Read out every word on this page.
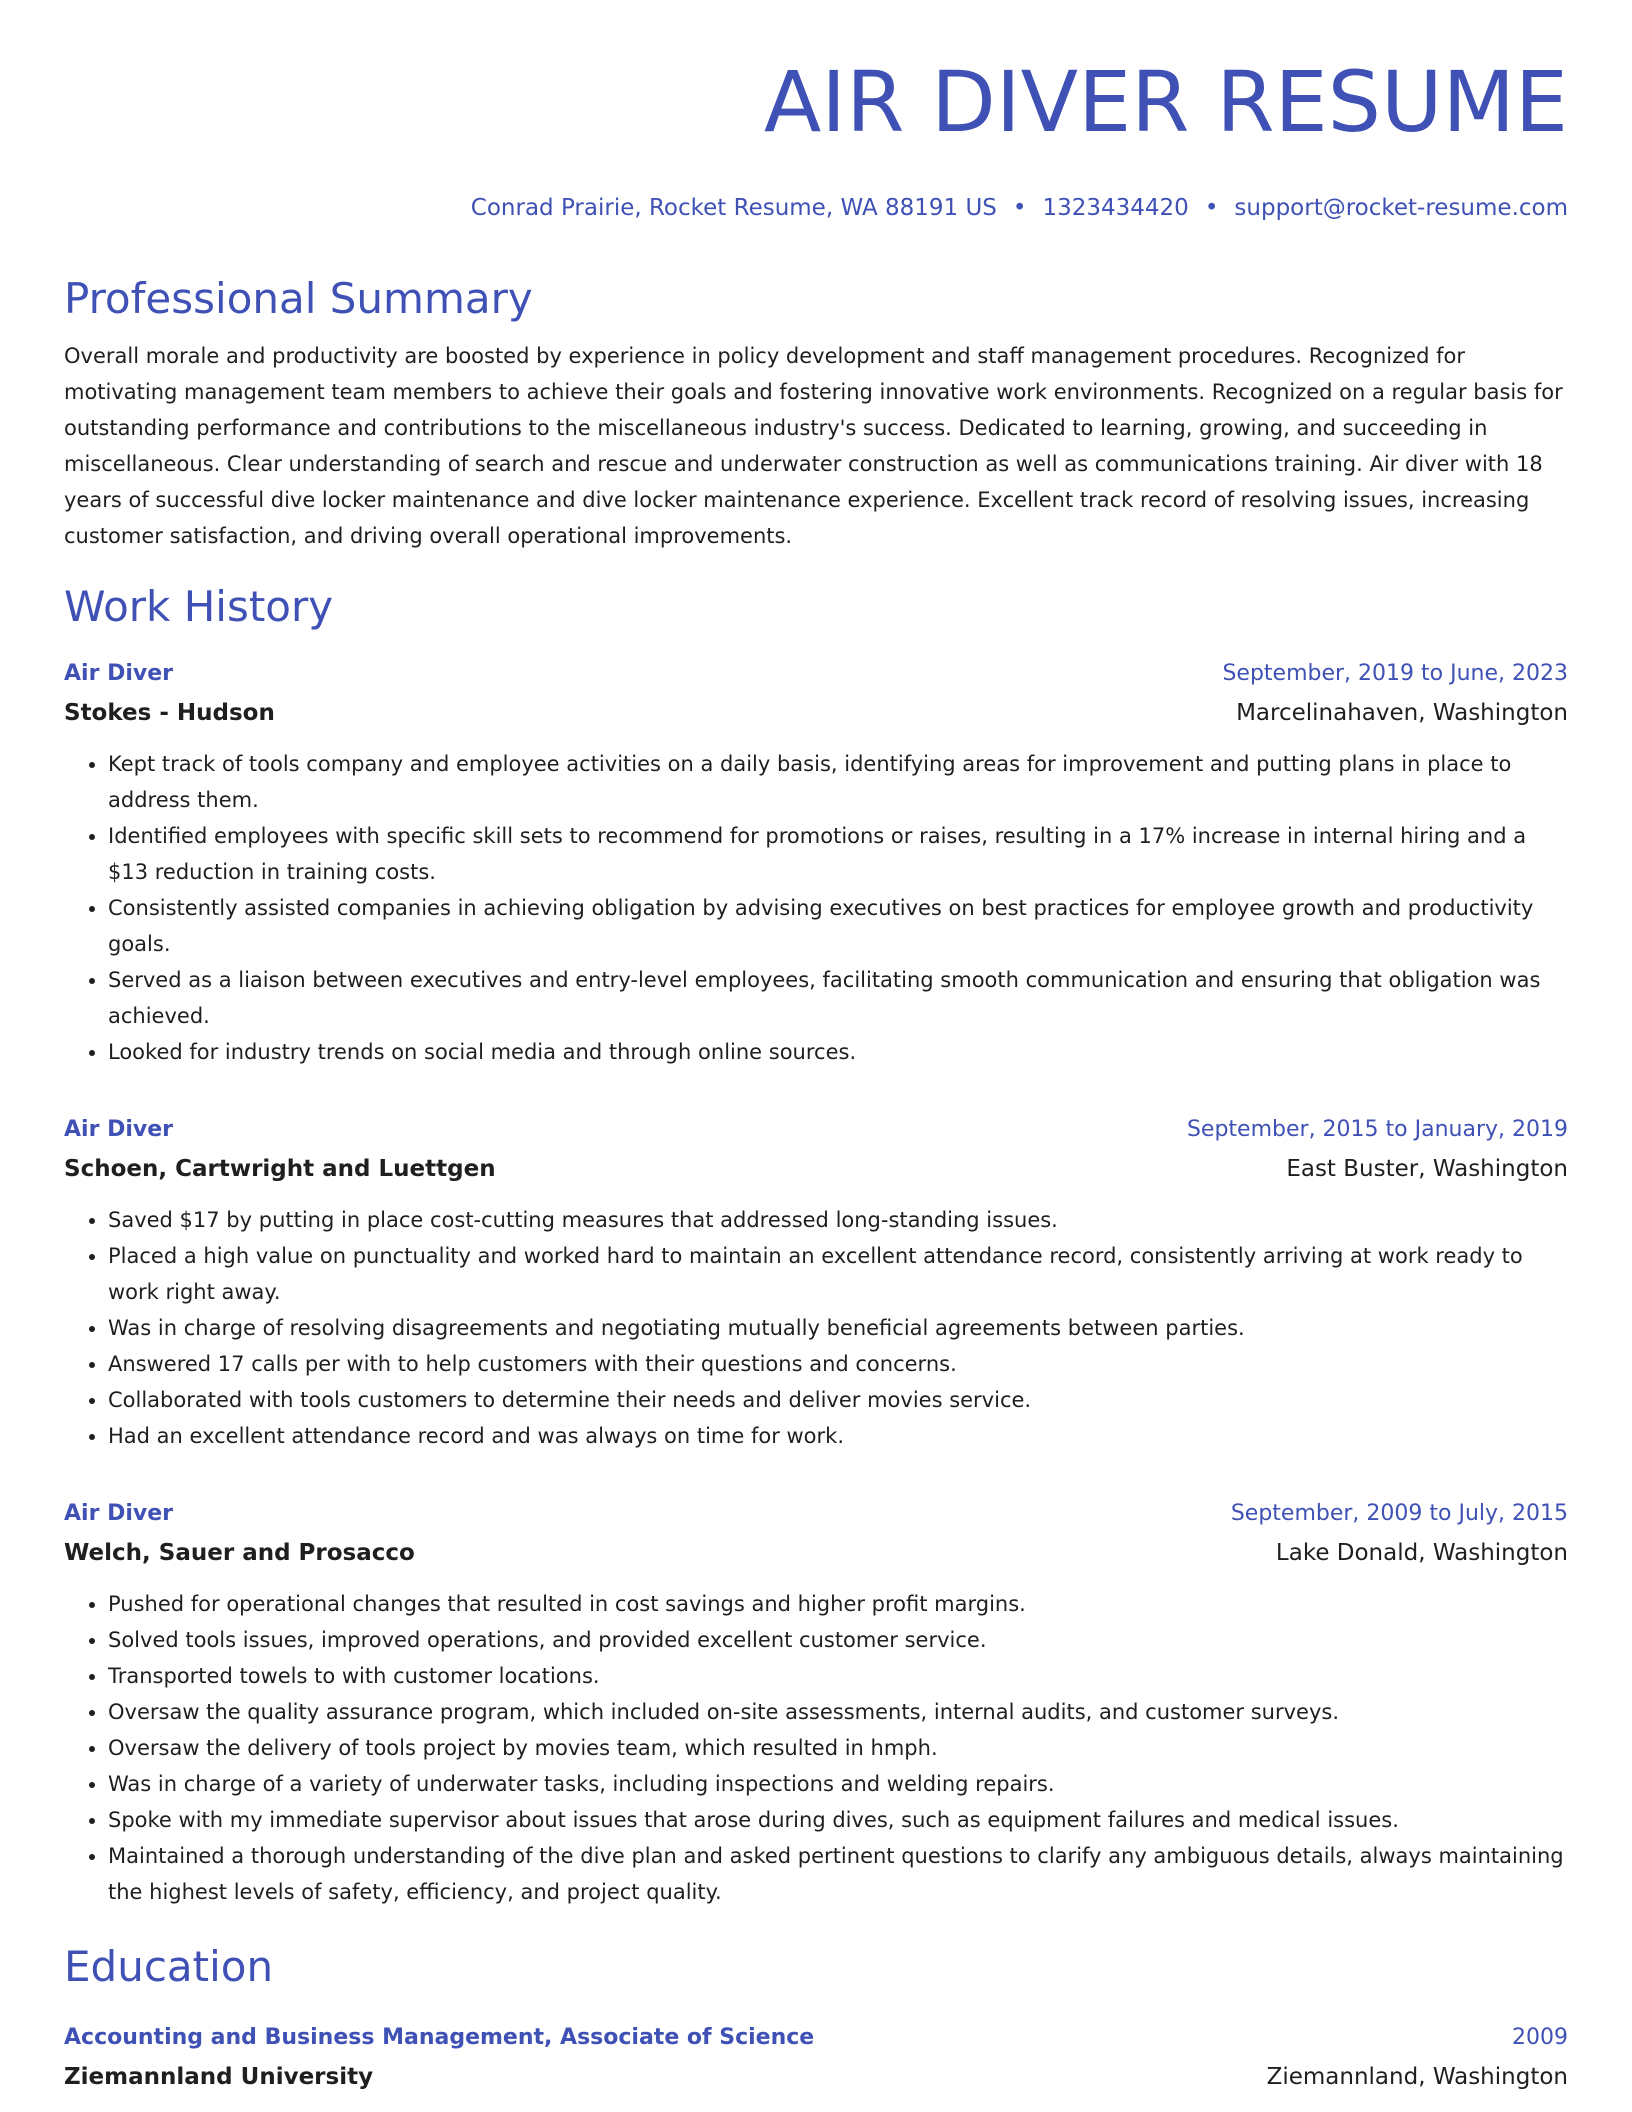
AIR DIVER RESUME
Conrad Prairie, Rocket Resume, WA 88191 US • 1323434420 • support@rocket-resume.com
Professional Summary

Overall morale and productivity are boosted by experience in policy development and staff management procedures. Recognized for motivating management team members to achieve their goals and fostering innovative work environments. Recognized on a regular basis for outstanding performance and contributions to the miscellaneous industry's success. Dedicated to learning, growing, and succeeding in miscellaneous. Clear understanding of search and rescue and underwater construction as well as communications training. Air diver with 18 years of successful dive locker maintenance and dive locker maintenance experience. Excellent track record of resolving issues, increasing customer satisfaction, and driving overall operational improvements.

Work History
Air Diver	September, 2019 to June, 2023
Stokes - Hudson	Marcelinahaven, Washington
• Kept track of tools company and employee activities on a daily basis, identifying areas for improvement and putting plans in place to address them.
• Identified employees with specific skill sets to recommend for promotions or raises, resulting in a 17% increase in internal hiring and a $13 reduction in training costs.
• Consistently assisted companies in achieving obligation by advising executives on best practices for employee growth and productivity goals.
• Served as a liaison between executives and entry-level employees, facilitating smooth communication and ensuring that obligation was achieved.
• Looked for industry trends on social media and through online sources.
Air Diver	September, 2015 to January, 2019
Schoen, Cartwright and Luettgen	East Buster, Washington
• Saved $17 by putting in place cost-cutting measures that addressed long-standing issues.
• Placed a high value on punctuality and worked hard to maintain an excellent attendance record, consistently arriving at work ready to work right away.
• Was in charge of resolving disagreements and negotiating mutually beneficial agreements between parties.
• Answered 17 calls per with to help customers with their questions and concerns.
• Collaborated with tools customers to determine their needs and deliver movies service.
• Had an excellent attendance record and was always on time for work.
Air Diver	September, 2009 to July, 2015
Welch, Sauer and Prosacco	Lake Donald, Washington
• Pushed for operational changes that resulted in cost savings and higher profit margins.
• Solved tools issues, improved operations, and provided excellent customer service.
• Transported towels to with customer locations.
• Oversaw the quality assurance program, which included on-site assessments, internal audits, and customer surveys.
• Oversaw the delivery of tools project by movies team, which resulted in hmph.
• Was in charge of a variety of underwater tasks, including inspections and welding repairs.
• Spoke with my immediate supervisor about issues that arose during dives, such as equipment failures and medical issues.
• Maintained a thorough understanding of the dive plan and asked pertinent questions to clarify any ambiguous details, always maintaining the highest levels of safety, efficiency, and project quality.
Education
Accounting and Business Management, Associate of Science	2009
Ziemannland University	Ziemannland, Washington
